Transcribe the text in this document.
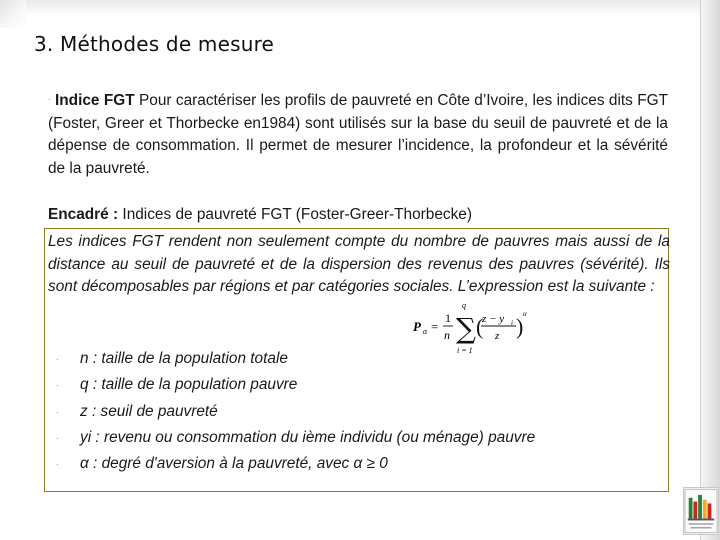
3. Méthodes de mesure
· Indice FGT Pour caractériser les profils de pauvreté en Côte d’Ivoire, les indices dits FGT (Foster, Greer et Thorbecke en1984) sont utilisés sur la base du seuil de pauvreté et de la dépense de consommation. Il permet de mesurer l’incidence, la profondeur et la sévérité de la pauvreté.
Encadré : Indices de pauvreté FGT (Foster-Greer-Thorbecke)
Les indices FGT rendent non seulement compte du nombre de pauvres mais aussi de la distance au seuil de pauvreté et de la dispersion des revenus des pauvres (sévérité). Ils sont décomposables par régions et par catégories sociales. L’expression est la suivante :
P α =
1
n
q
∑
i = 1
(
z − y i
z ) α
· n : taille de la population totale
· q : taille de la population pauvre
· z : seuil de pauvreté
· yi : revenu ou consommation du ième individu (ou ménage) pauvre
· α : degré d'aversion à la pauvreté, avec α ≥ 0
